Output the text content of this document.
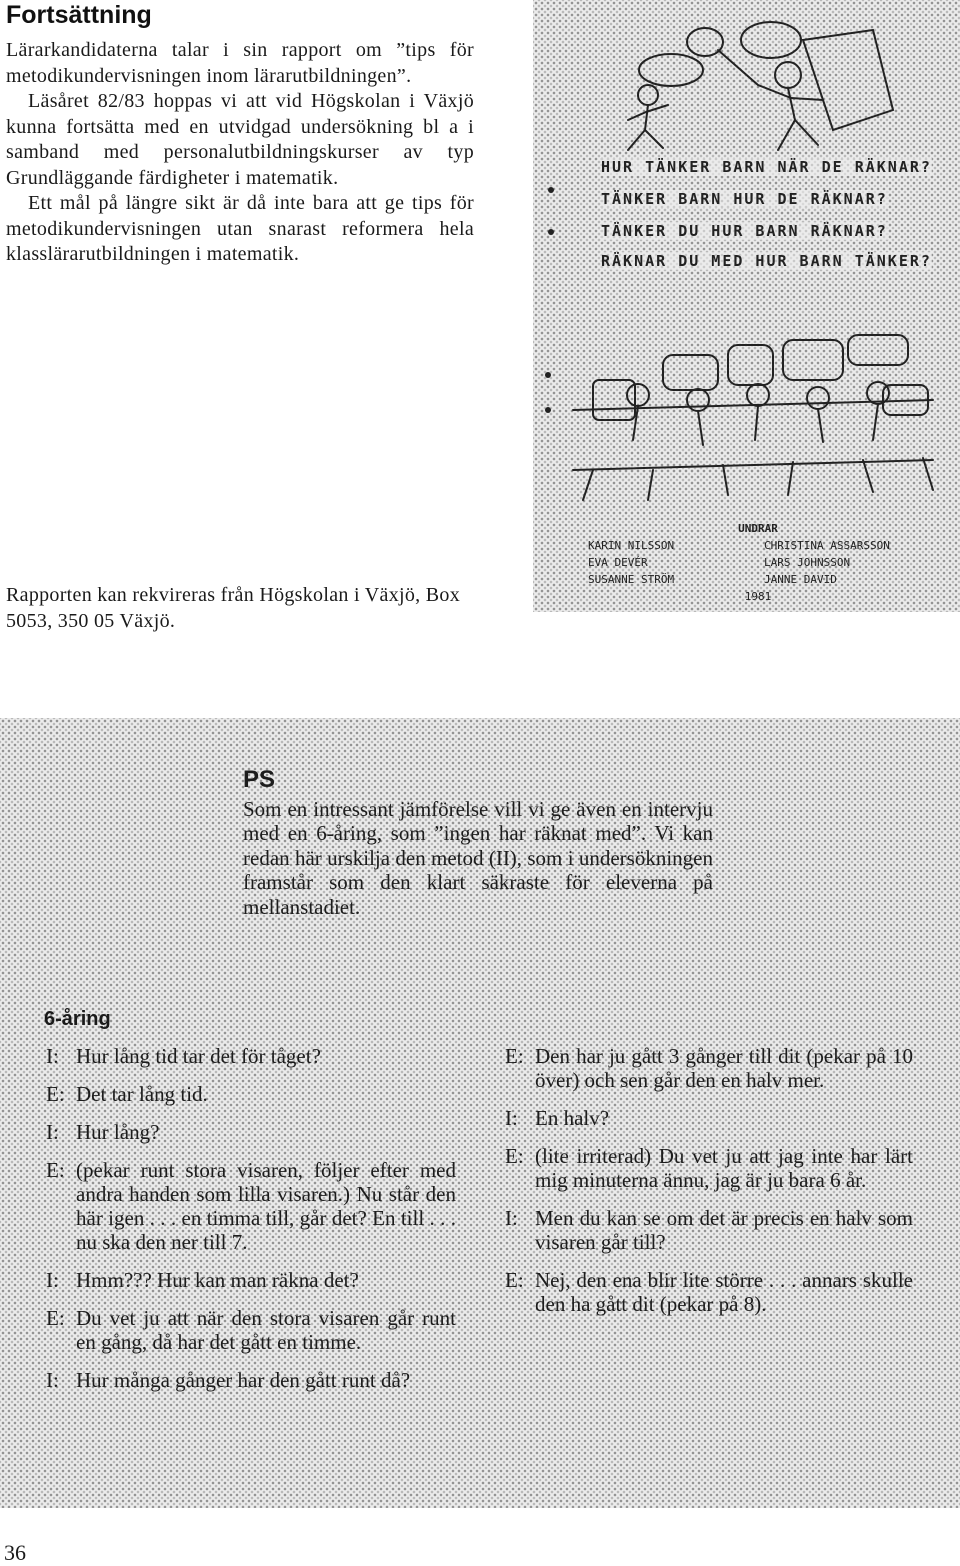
Fortsättning

Lärarkandidaterna talar i sin rapport om ”tips för metodikundervisningen inom lärarutbildningen”.

Läsåret 82/83 hoppas vi att vid Högskolan i Växjö kunna fortsätta med en utvidgad undersökning bl a i samband med personalutbildningskurser av typ Grundläggande färdigheter i matematik.

Ett mål på längre sikt är då inte bara att ge tips för metodikundervisningen utan snarast reformera hela klasslärarutbildningen i matematik.

Rapporten kan rekvireras från Högskolan i Växjö, Box 5053, 350 05 Växjö.

HUR TÄNKER BARN NÄR DE RÄKNAR?
TÄNKER BARN HUR DE RÄKNAR?
TÄNKER DU HUR BARN RÄKNAR?
RÄKNAR DU MED HUR BARN TÄNKER?
UNDRAR
KARIN NILSSON	CHRISTINA ASSARSSON
EVA DEVÉR	LARS JOHNSSON
SUSANNE STRÖM	JANNE DAVID
1981
PS

Som en intressant jämförelse vill vi ge även en intervju med en 6-åring, som ”ingen har räknat med”. Vi kan redan här urskilja den metod (II), som i undersökningen framstår som den klart säkraste för eleverna på mellanstadiet.

6-åring
I: Hur lång tid tar det för tåget?
E: Det tar lång tid.
I: Hur lång?
E: (pekar runt stora visaren, följer efter med andra handen som lilla visaren.) Nu står den här igen . . . en timma till, går det? En till . . . nu ska den ner till 7.
I: Hmm??? Hur kan man räkna det?
E: Du vet ju att när den stora visaren går runt en gång, då har det gått en timme.
I: Hur många gånger har den gått runt då?
E: Den har ju gått 3 gånger till dit (pekar på 10 över) och sen går den en halv mer.
I: En halv?
E: (lite irriterad) Du vet ju att jag inte har lärt mig minuterna ännu, jag är ju bara 6 år.
I: Men du kan se om det är precis en halv som visaren går till?
E: Nej, den ena blir lite större . . . annars skulle den ha gått dit (pekar på 8).
36
